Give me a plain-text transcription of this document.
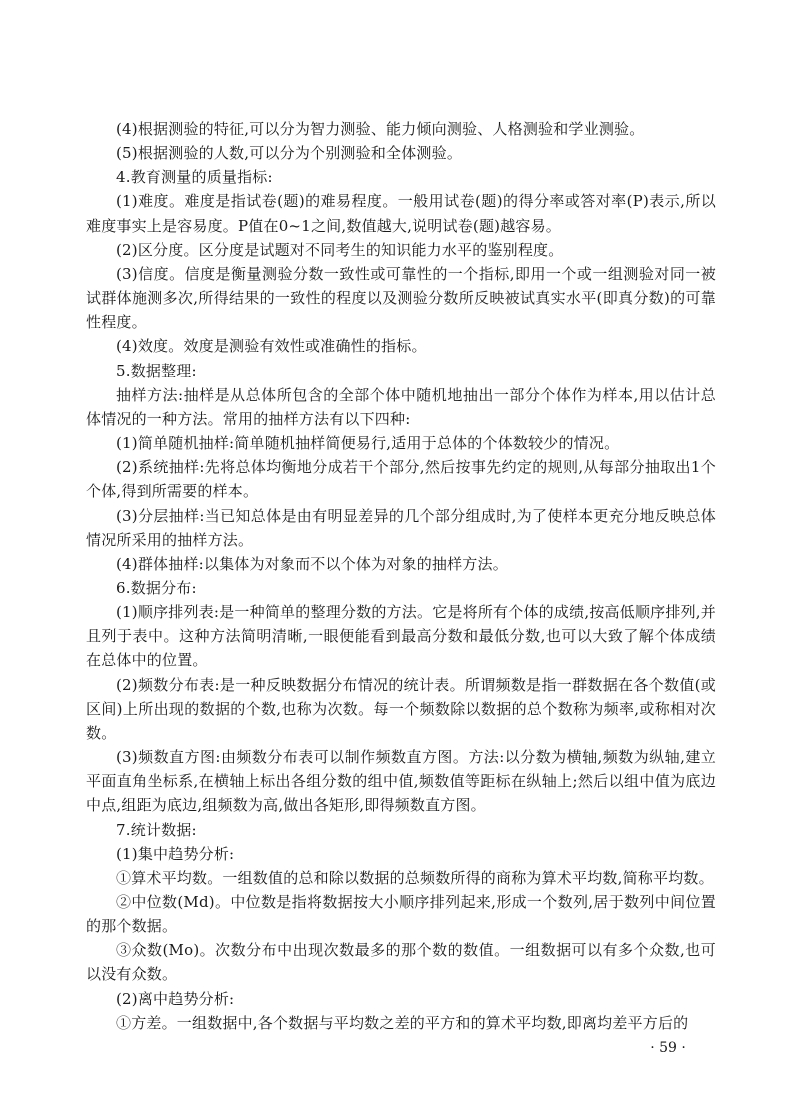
(4)根据测验的特征,可以分为智力测验、能力倾向测验、人格测验和学业测验。

(5)根据测验的人数,可以分为个别测验和全体测验。

4.教育测量的质量指标:

(1)难度。难度是指试卷(题)的难易程度。一般用试卷(题)的得分率或答对率(P)表示,所以难度事实上是容易度。P值在0~1之间,数值越大,说明试卷(题)越容易。

(2)区分度。区分度是试题对不同考生的知识能力水平的鉴别程度。

(3)信度。信度是衡量测验分数一致性或可靠性的一个指标,即用一个或一组测验对同一被试群体施测多次,所得结果的一致性的程度以及测验分数所反映被试真实水平(即真分数)的可靠性程度。

(4)效度。效度是测验有效性或准确性的指标。

5.数据整理:

抽样方法:抽样是从总体所包含的全部个体中随机地抽出一部分个体作为样本,用以估计总体情况的一种方法。常用的抽样方法有以下四种:

(1)简单随机抽样:简单随机抽样简便易行,适用于总体的个体数较少的情况。

(2)系统抽样:先将总体均衡地分成若干个部分,然后按事先约定的规则,从每部分抽取出1个个体,得到所需要的样本。

(3)分层抽样:当已知总体是由有明显差异的几个部分组成时,为了使样本更充分地反映总体情况所采用的抽样方法。

(4)群体抽样:以集体为对象而不以个体为对象的抽样方法。

6.数据分布:

(1)顺序排列表:是一种简单的整理分数的方法。它是将所有个体的成绩,按高低顺序排列,并且列于表中。这种方法简明清晰,一眼便能看到最高分数和最低分数,也可以大致了解个体成绩在总体中的位置。

(2)频数分布表:是一种反映数据分布情况的统计表。所谓频数是指一群数据在各个数值(或区间)上所出现的数据的个数,也称为次数。每一个频数除以数据的总个数称为频率,或称相对次数。

(3)频数直方图:由频数分布表可以制作频数直方图。方法:以分数为横轴,频数为纵轴,建立平面直角坐标系,在横轴上标出各组分数的组中值,频数值等距标在纵轴上;然后以组中值为底边中点,组距为底边,组频数为高,做出各矩形,即得频数直方图。

7.统计数据:

(1)集中趋势分析:

①算术平均数。一组数值的总和除以数据的总频数所得的商称为算术平均数,简称平均数。

②中位数(Md)。中位数是指将数据按大小顺序排列起来,形成一个数列,居于数列中间位置的那个数据。

③众数(Mo)。次数分布中出现次数最多的那个数的数值。一组数据可以有多个众数,也可以没有众数。

(2)离中趋势分析:

①方差。一组数据中,各个数据与平均数之差的平方和的算术平均数,即离均差平方后的

· 59 ·
